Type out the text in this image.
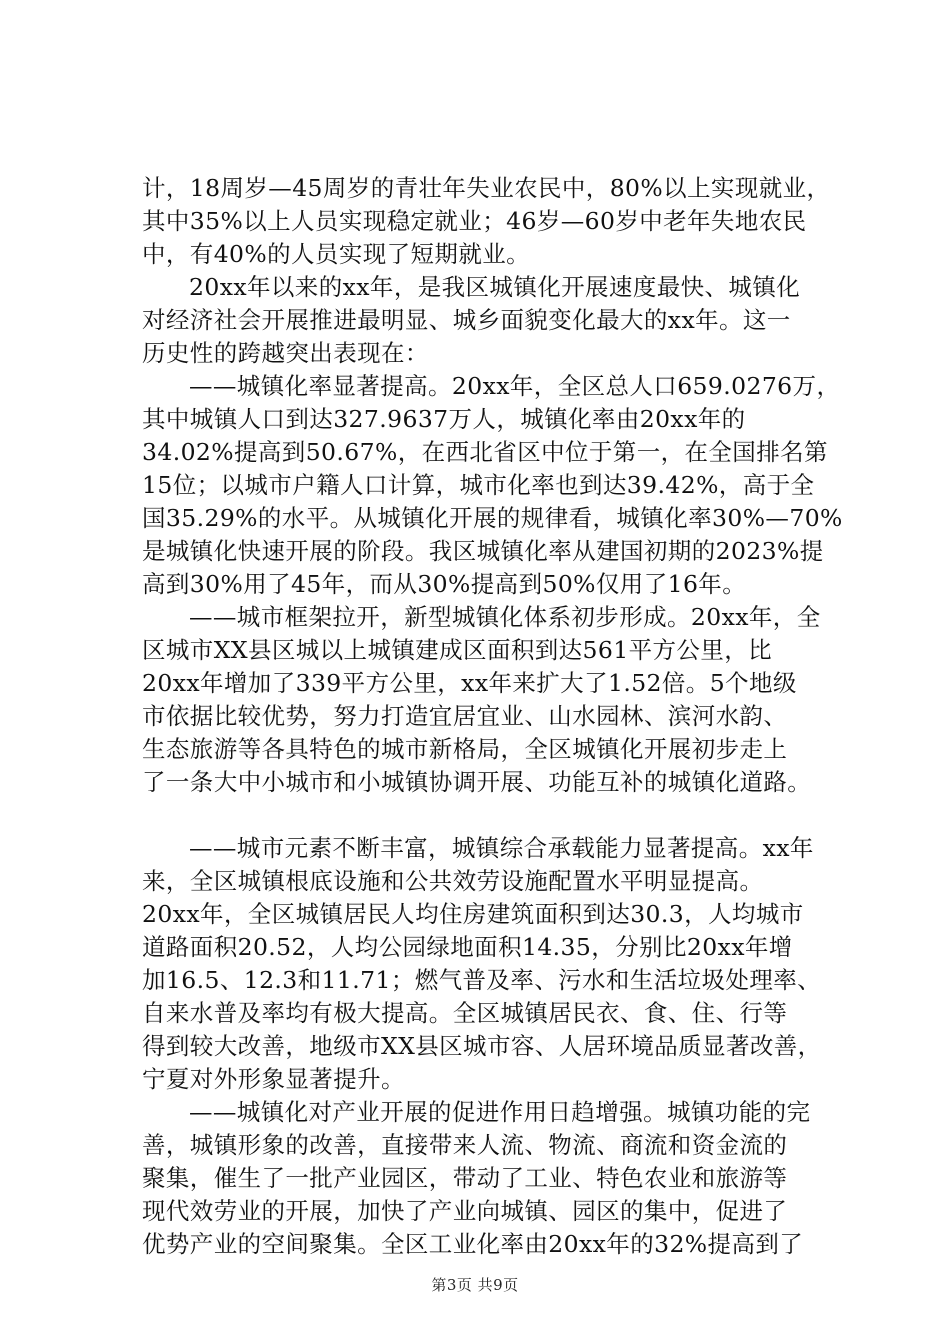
计，18周岁—45周岁的青壮年失业农民中，80%以上实现就业，
其中35%以上人员实现稳定就业；46岁—60岁中老年失地农民
中，有40%的人员实现了短期就业。
20xx年以来的xx年，是我区城镇化开展速度最快、城镇化
对经济社会开展推进最明显、城乡面貌变化最大的xx年。这一
历史性的跨越突出表现在：
——城镇化率显著提高。20xx年，全区总人口659.0276万，
其中城镇人口到达327.9637万人，城镇化率由20xx年的
34.02%提高到50.67%，在西北省区中位于第一，在全国排名第
15位；以城市户籍人口计算，城市化率也到达39.42%，高于全
国35.29%的水平。从城镇化开展的规律看，城镇化率30%—70%
是城镇化快速开展的阶段。我区城镇化率从建国初期的2023%提
高到30%用了45年，而从30%提高到50%仅用了16年。
——城市框架拉开，新型城镇化体系初步形成。20xx年，全
区城市XX县区城以上城镇建成区面积到达561平方公里，比
20xx年增加了339平方公里，xx年来扩大了1.52倍。5个地级
市依据比较优势，努力打造宜居宜业、山水园林、滨河水韵、
生态旅游等各具特色的城市新格局，全区城镇化开展初步走上
了一条大中小城市和小城镇协调开展、功能互补的城镇化道路。
——城市元素不断丰富，城镇综合承载能力显著提高。xx年
来，全区城镇根底设施和公共效劳设施配置水平明显提高。
20xx年，全区城镇居民人均住房建筑面积到达30.3，人均城市
道路面积20.52，人均公园绿地面积14.35，分别比20xx年增
加16.5、12.3和11.71；燃气普及率、污水和生活垃圾处理率、
自来水普及率均有极大提高。全区城镇居民衣、食、住、行等
得到较大改善，地级市XX县区城市容、人居环境品质显著改善，
宁夏对外形象显著提升。
——城镇化对产业开展的促进作用日趋增强。城镇功能的完
善，城镇形象的改善，直接带来人流、物流、商流和资金流的
聚集，催生了一批产业园区，带动了工业、特色农业和旅游等
现代效劳业的开展，加快了产业向城镇、园区的集中，促进了
优势产业的空间聚集。全区工业化率由20xx年的32%提高到了
第3页 共9页
